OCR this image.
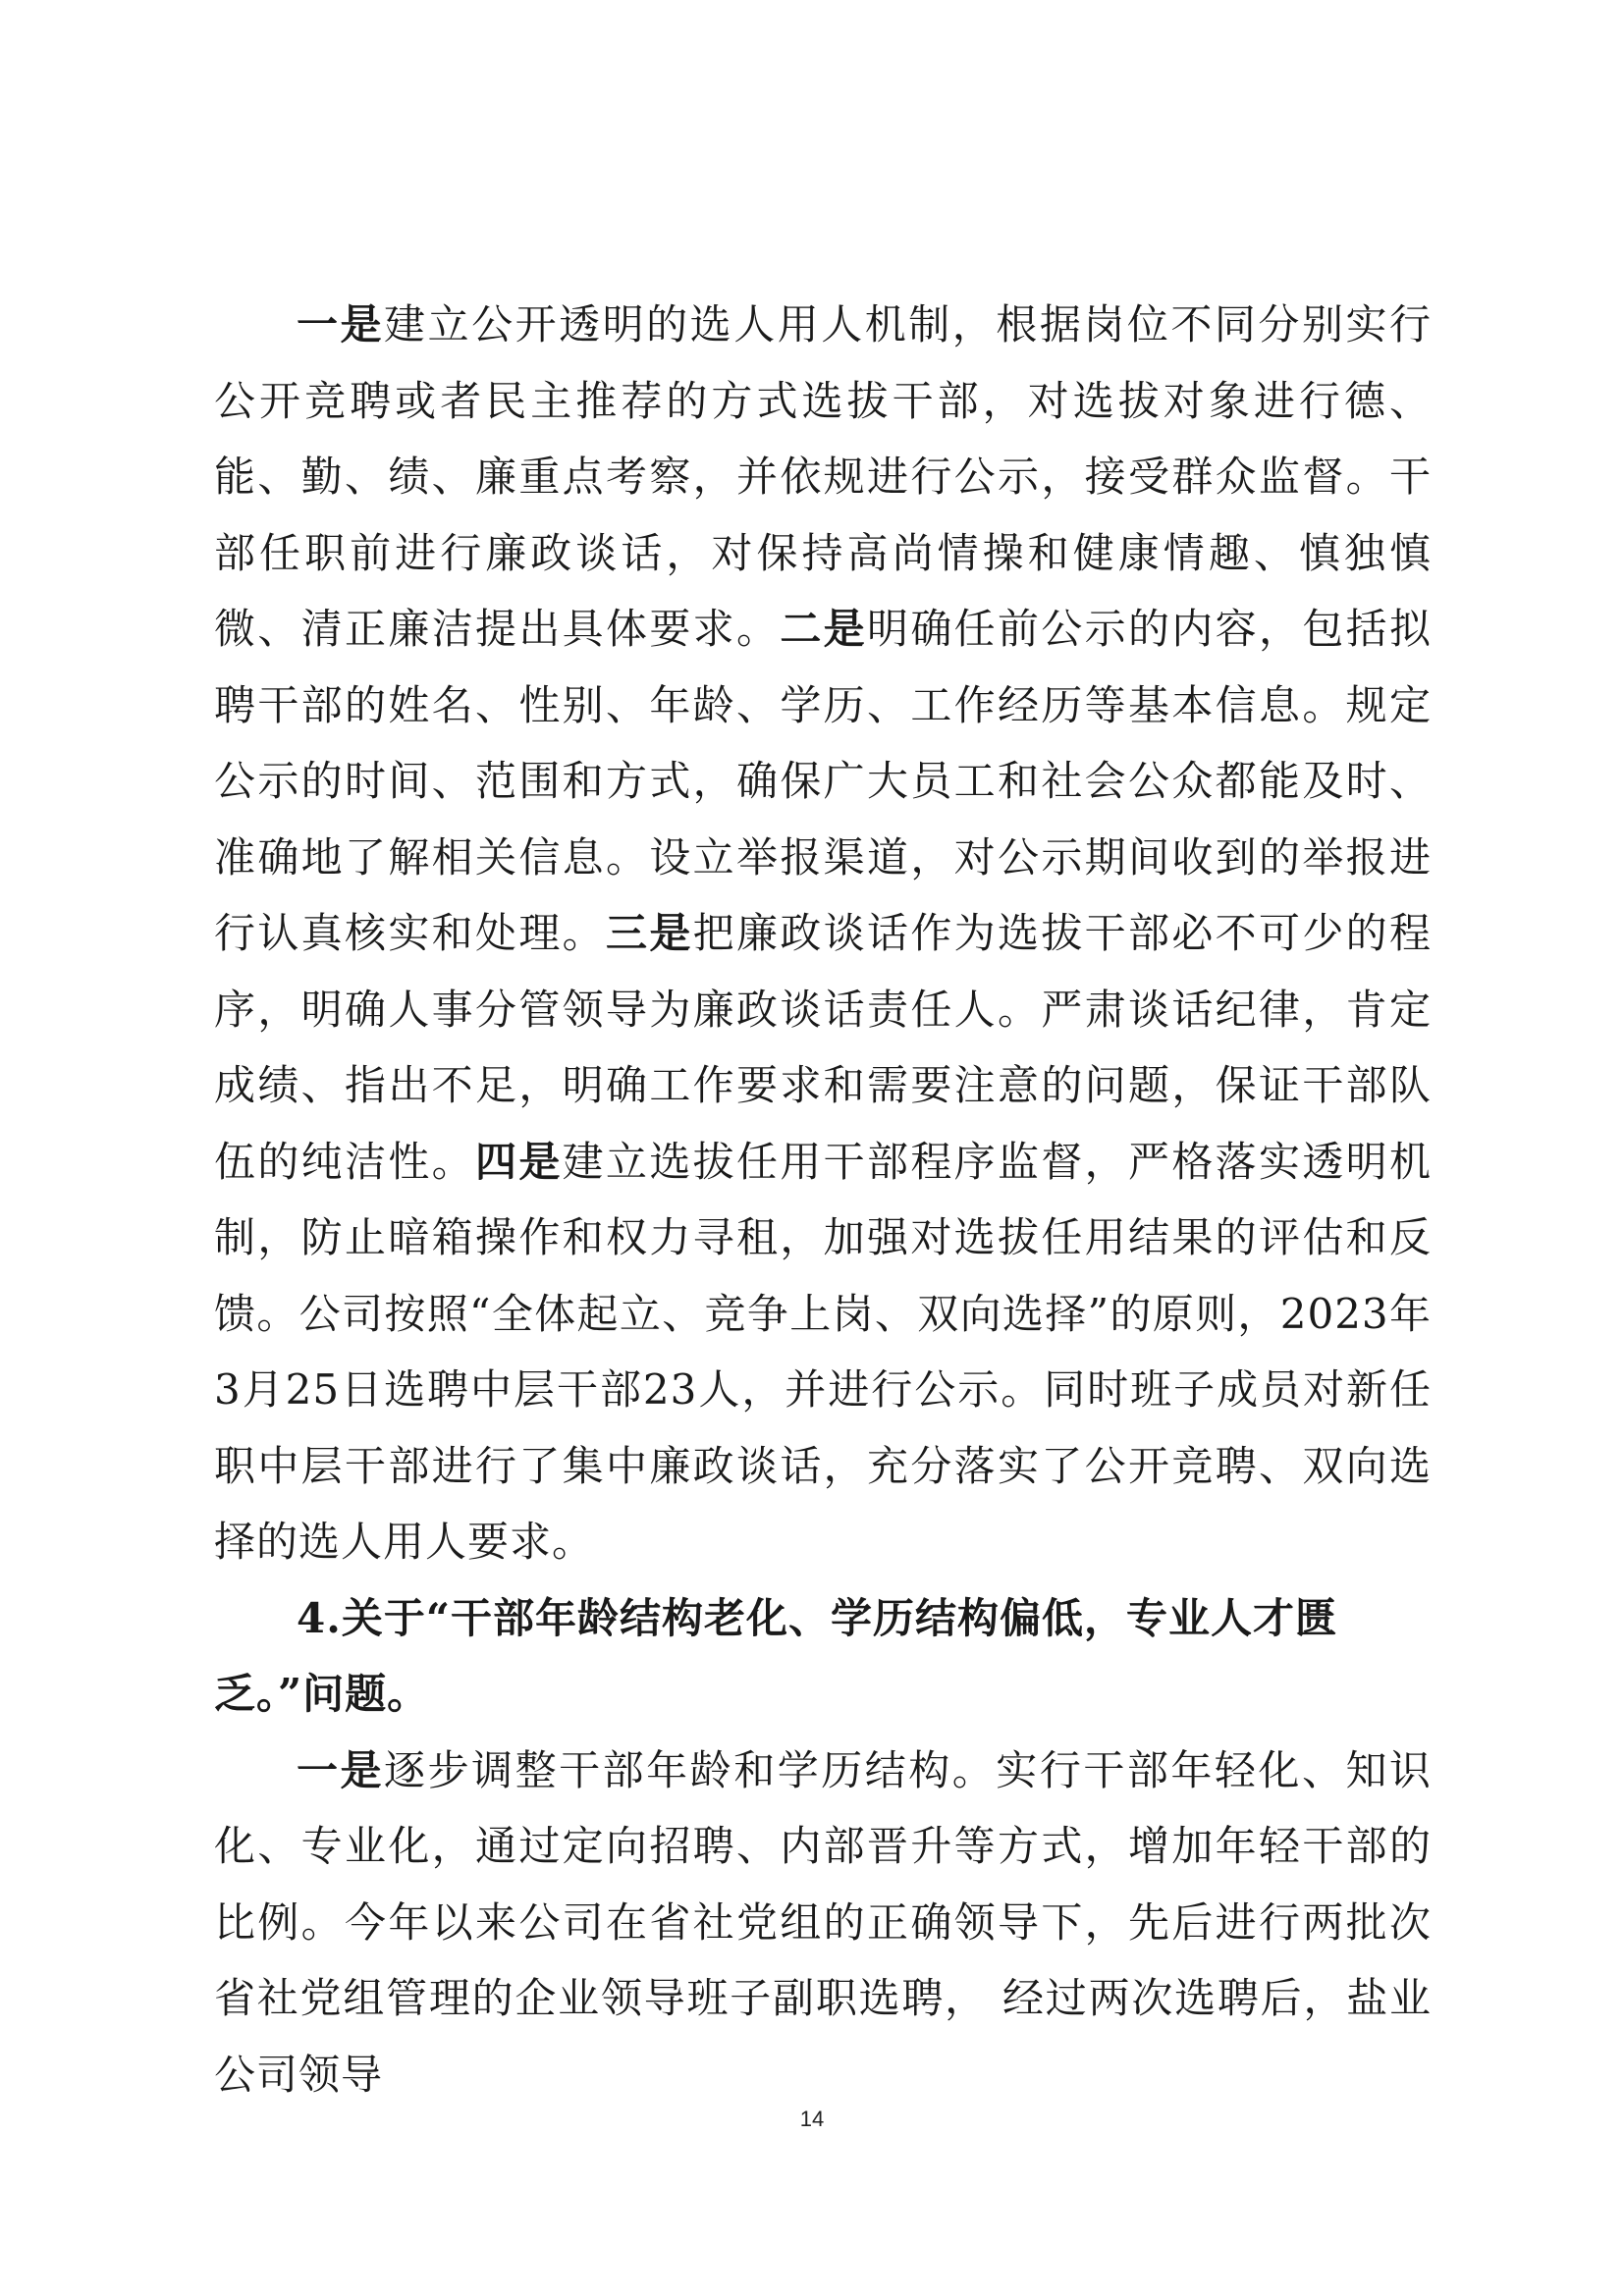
一是建立公开透明的选人用人机制，根据岗位不同分别实行公开竞聘或者民主推荐的方式选拔干部，对选拔对象进行德、能、勤、绩、廉重点考察，并依规进行公示，接受群众监督。干部任职前进行廉政谈话，对保持高尚情操和健康情趣、慎独慎微、清正廉洁提出具体要求。二是明确任前公示的内容，包括拟聘干部的姓名、性别、年龄、学历、工作经历等基本信息。规定公示的时间、范围和方式，确保广大员工和社会公众都能及时、准确地了解相关信息。设立举报渠道，对公示期间收到的举报进行认真核实和处理。三是把廉政谈话作为选拔干部必不可少的程序，明确人事分管领导为廉政谈话责任人。严肃谈话纪律，肯定成绩、指出不足，明确工作要求和需要注意的问题，保证干部队伍的纯洁性。四是建立选拔任用干部程序监督，严格落实透明机制，防止暗箱操作和权力寻租，加强对选拔任用结果的评估和反馈。公司按照“全体起立、竞争上岗、双向选择”的原则，2023年3月25日选聘中层干部23人，并进行公示。同时班子成员对新任职中层干部进行了集中廉政谈话，充分落实了公开竞聘、双向选择的选人用人要求。

4.关于“干部年龄结构老化、学历结构偏低，专业人才匮乏。”问题。

一是逐步调整干部年龄和学历结构。实行干部年轻化、知识化、专业化，通过定向招聘、内部晋升等方式，增加年轻干部的比例。今年以来公司在省社党组的正确领导下，先后进行两批次省社党组管理的企业领导班子副职选聘， 经过两次选聘后，盐业公司领导

14
